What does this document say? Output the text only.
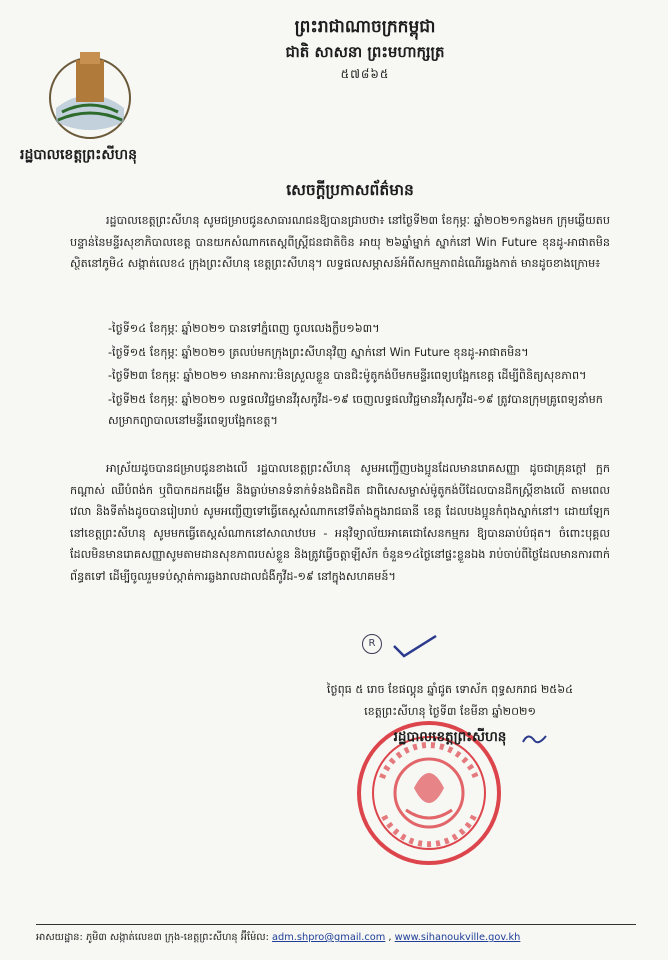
ព្រះរាជាណាចក្រកម្ពុជា
ជាតិ សាសនា ព្រះមហាក្សត្រ
៥៧៨៦៥
រដ្ឋបាលខេត្តព្រះសីហនុ
សេចក្តីប្រកាសព័ត៌មាន
រដ្ឋបាលខេត្តព្រះសីហនុ សូមជម្រាបជូនសាធារណជនឱ្យបានជ្រាបថា៖ នៅថ្ងៃទី២៣ ខែកុម្ភៈ ឆ្នាំ២០២១កន្លងមក ក្រុមឆ្លើយតបបន្ទាន់នៃមន្ទីរសុខាភិបាលខេត្ត បានយកសំណាកតេស្តពីស្ត្រីជនជាតិចិន អាយុ ២៦ឆ្នាំម្នាក់ ស្នាក់នៅ Win Future ខុនដូ-អាផាតមិន ស្ថិតនៅភូមិ៤ សង្កាត់លេខ៤ ក្រុងព្រះសីហនុ ខេត្តព្រះសីហនុ។ លទ្ធផលសម្ភាសន៍អំពីសកម្មភាពដំណើរឆ្លងកាត់ មានដូចខាងក្រោម៖
-ថ្ងៃទី១៤ ខែកុម្ភៈ ឆ្នាំ២០២១ បានទៅភ្នំពេញ ចូលលេងក្លឹប១៦៣។
-ថ្ងៃទី១៥ ខែកុម្ភៈ ឆ្នាំ២០២១ ត្រលប់មកក្រុងព្រះសីហនុវិញ ស្នាក់នៅ Win Future ខុនដូ-អាផាតមិន។
-ថ្ងៃទី២៣ ខែកុម្ភៈ ឆ្នាំ២០២១ មានអាការៈមិនស្រួលខ្លួន បានជិះម៉ូតូកង់បីមកមន្ទីរពេទ្យបង្អែកខេត្ត ដើម្បីពិនិត្យសុខភាព។
-ថ្ងៃទី២៥ ខែកុម្ភៈ ឆ្នាំ២០២១ លទ្ធផលវិជ្ជមានវីរុសកូវីដ-១៩ ចេញលទ្ធផលវិជ្ជមានវីរុសកូវីដ-១៩ ត្រូវបានក្រុមគ្រូពេទ្យនាំមកសម្រាកព្យាបាលនៅមន្ទីរពេទ្យបង្អែកខេត្ត។
អាស្រ័យដូចបានជម្រាបជូនខាងលើ រដ្ឋបាលខេត្តព្រះសីហនុ សូមអញ្ជើញបងប្អូនដែលមានរោគសញ្ញា ដូចជាគ្រុនក្តៅ ក្អក កណ្តាស់ ឈឺបំពង់ក ឬពិបាកដកដង្ហើម និងធ្លាប់មានទំនាក់ទំនងជិតដិត ជាពិសេសម្ចាស់ម៉ូតូកង់បីដែលបានដឹកស្ត្រីខាងលើ តាមពេលវេលា និងទីតាំងដូចបានរៀបរាប់ សូមអញ្ជើញទៅធ្វើតេស្តសំណាកនៅទីតាំងក្នុងរាជធានី ខេត្ត ដែលបងប្អូនកំពុងស្នាក់នៅ។ ដោយឡែកនៅខេត្តព្រះសីហនុ សូមមកធ្វើតេស្តសំណាកនៅសាលាឋបម - អនុវិទ្យាល័យអាគេជោសែនកម្មករ ឱ្យបានឆាប់បំផុត។ ចំពោះបុគ្គលដែលមិនមានរោគសញ្ញាសូមតាមដានសុខភាពរបស់ខ្លួន និងត្រូវធ្វើចត្តាឡីស័ក ចំនួន១៤ថ្ងៃនៅផ្ទះខ្លួនឯង រាប់ចាប់ពីថ្ងៃដែលមានការពាក់ព័ន្ធតទៅ ដើម្បីចូលរួមទប់ស្កាត់ការឆ្លងរាលដាលជំងឺកូវីដ-១៩ នៅក្នុងសហគមន៍។
R
ថ្ងៃពុធ ៥ រោច ខែផល្គុន ឆ្នាំជូត ទោស័ក ពុទ្ធសករាជ ២៥៦៤
ខេត្តព្រះសីហនុ ថ្ងៃទី៣ ខែមីនា ឆ្នាំ២០២១
រដ្ឋបាលខេត្តព្រះសីហនុ
អាសយដ្ឋាន: ភូមិ៣ សង្កាត់លេខ៣ ក្រុង-ខេត្តព្រះសីហនុ អ៊ីម៉ែល: adm.shpro@gmail.com , www.sihanoukville.gov.kh
